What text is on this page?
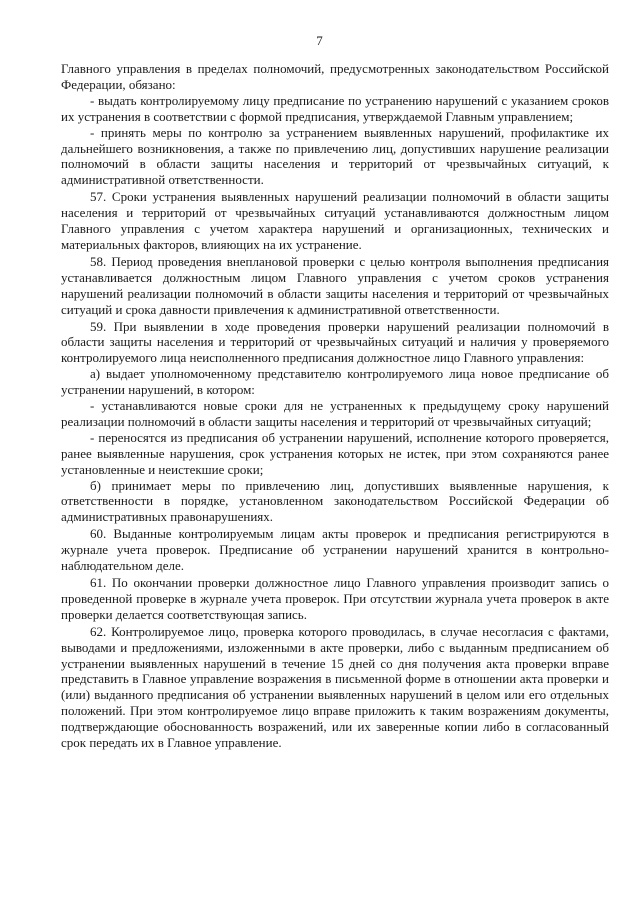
7

Главного управления в пределах полномочий, предусмотренных законодательством Российской Федерации, обязано:

- выдать контролируемому лицу предписание по устранению нарушений с указанием сроков их устранения в соответствии с формой предписания, утверждаемой Главным управлением;

- принять меры по контролю за устранением выявленных нарушений, профилактике их дальнейшего возникновения, а также по привлечению лиц, допустивших нарушение реализации полномочий в области защиты населения и территорий от чрезвычайных ситуаций, к административной ответственности.

57. Сроки устранения выявленных нарушений реализации полномочий в области защиты населения и территорий от чрезвычайных ситуаций устанавливаются должностным лицом Главного управления с учетом характера нарушений и организационных, технических и материальных факторов, влияющих на их устранение.

58. Период проведения внеплановой проверки с целью контроля выполнения предписания устанавливается должностным лицом Главного управления с учетом сроков устранения нарушений реализации полномочий в области защиты населения и территорий от чрезвычайных ситуаций и срока давности привлечения к административной ответственности.

59. При выявлении в ходе проведения проверки нарушений реализации полномочий в области защиты населения и территорий от чрезвычайных ситуаций и наличия у проверяемого контролируемого лица неисполненного предписания должностное лицо Главного управления:

а) выдает уполномоченному представителю контролируемого лица новое предписание об устранении нарушений, в котором:

- устанавливаются новые сроки для не устраненных к предыдущему сроку нарушений реализации полномочий в области защиты населения и территорий от чрезвычайных ситуаций;

- переносятся из предписания об устранении нарушений, исполнение которого проверяется, ранее выявленные нарушения, срок устранения которых не истек, при этом сохраняются ранее установленные и неистекшие сроки;

б) принимает меры по привлечению лиц, допустивших выявленные нарушения, к ответственности в порядке, установленном законодательством Российской Федерации об административных правонарушениях.

60. Выданные контролируемым лицам акты проверок и предписания регистрируются в журнале учета проверок. Предписание об устранении нарушений хранится в контрольно-наблюдательном деле.

61. По окончании проверки должностное лицо Главного управления производит запись о проведенной проверке в журнале учета проверок. При отсутствии журнала учета проверок в акте проверки делается соответствующая запись.

62. Контролируемое лицо, проверка которого проводилась, в случае несогласия с фактами, выводами и предложениями, изложенными в акте проверки, либо с выданным предписанием об устранении выявленных нарушений в течение 15 дней со дня получения акта проверки вправе представить в Главное управление возражения в письменной форме в отношении акта проверки и (или) выданного предписания об устранении выявленных нарушений в целом или его отдельных положений. При этом контролируемое лицо вправе приложить к таким возражениям документы, подтверждающие обоснованность возражений, или их заверенные копии либо в согласованный срок передать их в Главное управление.
